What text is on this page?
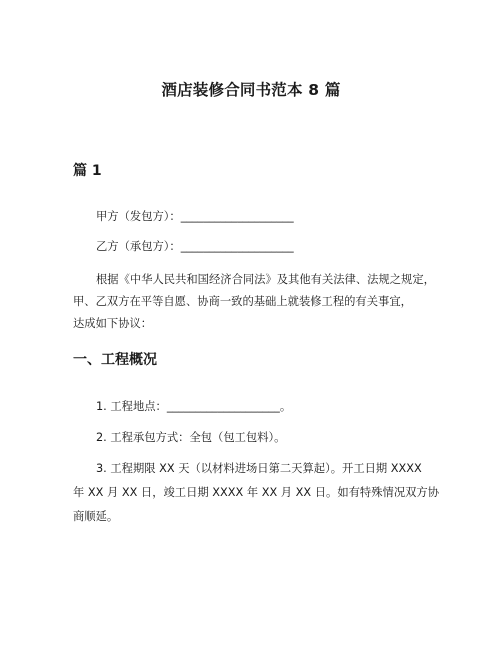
酒店装修合同书范本 8 篇
篇 1
甲方（发包方）：____________________
乙方（承包方）：____________________
根据《中华人民共和国经济合同法》及其他有关法律、法规之规定，
甲、乙双方在平等自愿、协商一致的基础上就装修工程的有关事宜，
达成如下协议：
一、工程概况
1. 工程地点：____________________。
2. 工程承包方式：全包（包工包料）。
3. 工程期限 XX 天（以材料进场日第二天算起）。开工日期 XXXX
年 XX 月 XX 日，竣工日期 XXXX 年 XX 月 XX 日。如有特殊情况双方协
商顺延。
